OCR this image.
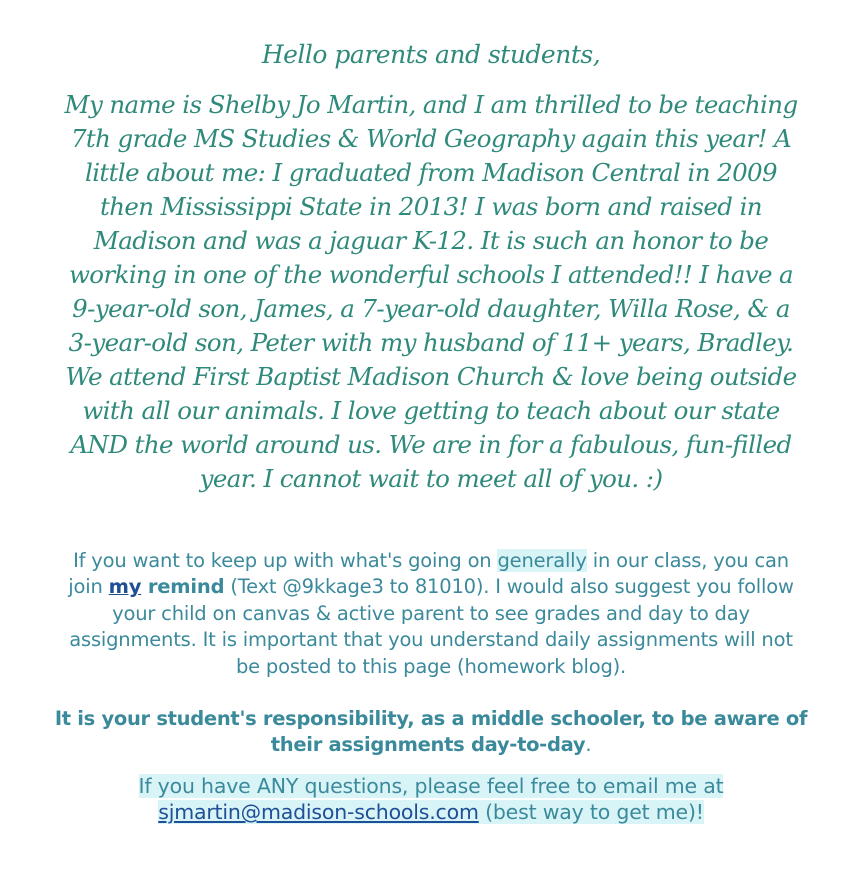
Hello parents and students,

My name is Shelby Jo Martin, and I am thrilled to be teaching 7th grade MS Studies & World Geography again this year! A little about me: I graduated from Madison Central in 2009 then Mississippi State in 2013! I was born and raised in Madison and was a jaguar K-12. It is such an honor to be working in one of the wonderful schools I attended!! I have a 9-year-old son, James, a 7-year-old daughter, Willa Rose, & a 3-year-old son, Peter with my husband of 11+ years, Bradley. We attend First Baptist Madison Church & love being outside with all our animals. I love getting to teach about our state AND the world around us. We are in for a fabulous, fun-filled year. I cannot wait to meet all of you. :)

If you want to keep up with what's going on generally in our class, you can join my remind (Text @9kkage3 to 81010). I would also suggest you follow your child on canvas & active parent to see grades and day to day assignments. It is important that you understand daily assignments will not be posted to this page (homework blog).

It is your student's responsibility, as a middle schooler, to be aware of their assignments day-to-day.

If you have ANY questions, please feel free to email me at sjmartin@madison-schools.com (best way to get me)!
